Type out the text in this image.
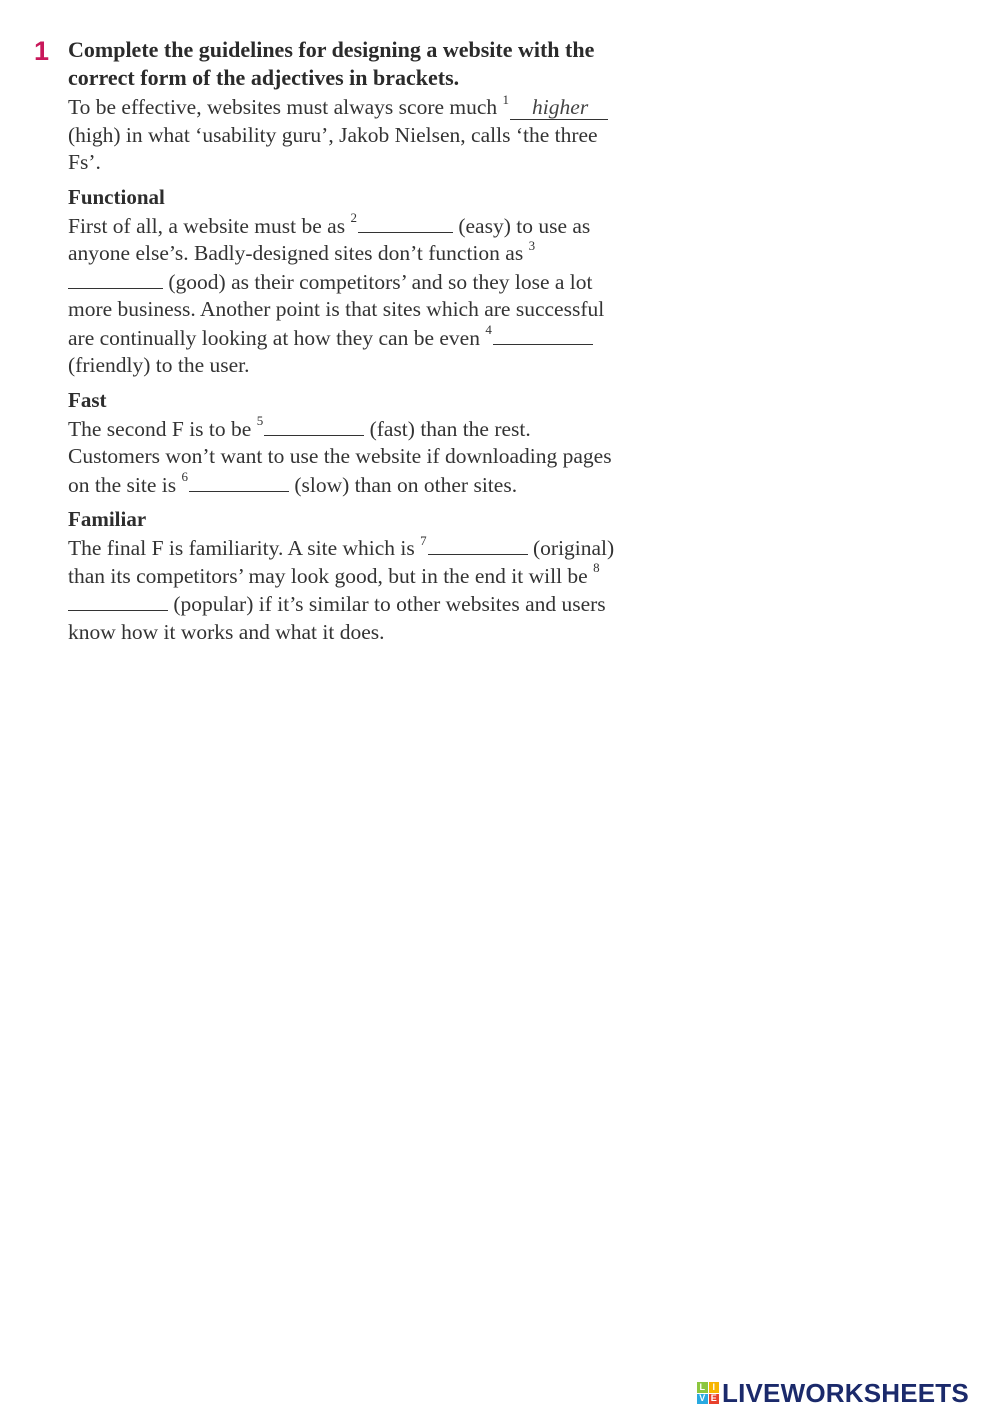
1 Complete the guidelines for designing a website with the correct form of the adjectives in brackets.

To be effective, websites must always score much $^1$ higher (high) in what ‘usability guru’, Jakob Nielsen, calls ‘the three Fs’.

Functional

First of all, a website must be as $^2$	(easy) to use as anyone else’s. Badly-designed sites don’t function as $^3$ (good) as their competitors’ and so they lose a lot more business. Another point is that sites which are successful are continually looking at how they can be even $^4$ (friendly) to the user.

Fast

The second F is to be $^5$	(fast) than the rest. Customers won’t want to use the website if downloading pages on the site is $^6$	(slow) than on other sites.

Familiar

The final F is familiarity. A site which is $^7$	(original) than its competitors’ may look good, but in the end it will be $^8$ (popular) if it’s similar to other websites and users know how it works and what it does.

L I
V E LIVEWORKSHEETS
